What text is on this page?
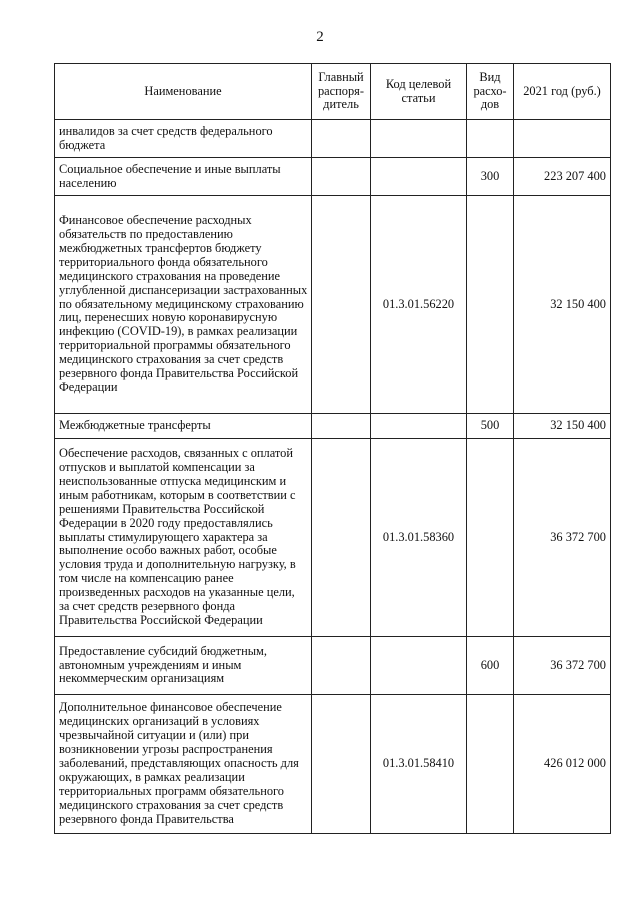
2
Наименование	Главный распоря-дитель	Код целевой статьи	Вид расхо-дов	2021 год (руб.)
инвалидов за счет средств федерального бюджета				
Социальное обеспечение и иные выплаты населению			300	223 207 400
Финансовое обеспечение расходных обязательств по предоставлению межбюджетных трансфертов бюджету территориального фонда обязательного медицинского страхования на проведение углубленной диспансеризации застрахованных по обязательному медицинскому страхованию лиц, перенесших новую коронавирусную инфекцию (COVID-19), в рамках реализации территориальной программы обязательного медицинского страхования за счет средств резервного фонда Правительства Российской Федерации		01.3.01.56220		32 150 400
Межбюджетные трансферты			500	32 150 400
Обеспечение расходов, связанных с оплатой отпусков и выплатой компенсации за неиспользованные отпуска медицинским и иным работникам, которым в соответствии с решениями Правительства Российской Федерации в 2020 году предоставлялись выплаты стимулирующего характера за выполнение особо важных работ, особые условия труда и дополнительную нагрузку, в том числе на компенсацию ранее произведенных расходов на указанные цели, за счет средств резервного фонда Правительства Российской Федерации		01.3.01.58360		36 372 700
Предоставление субсидий бюджетным, автономным учреждениям и иным некоммерческим организациям			600	36 372 700
Дополнительное финансовое обеспечение медицинских организаций в условиях чрезвычайной ситуации и (или) при возникновении угрозы распространения заболеваний, представляющих опасность для окружающих, в рамках реализации территориальных программ обязательного медицинского страхования за счет средств резервного фонда Правительства		01.3.01.58410		426 012 000
